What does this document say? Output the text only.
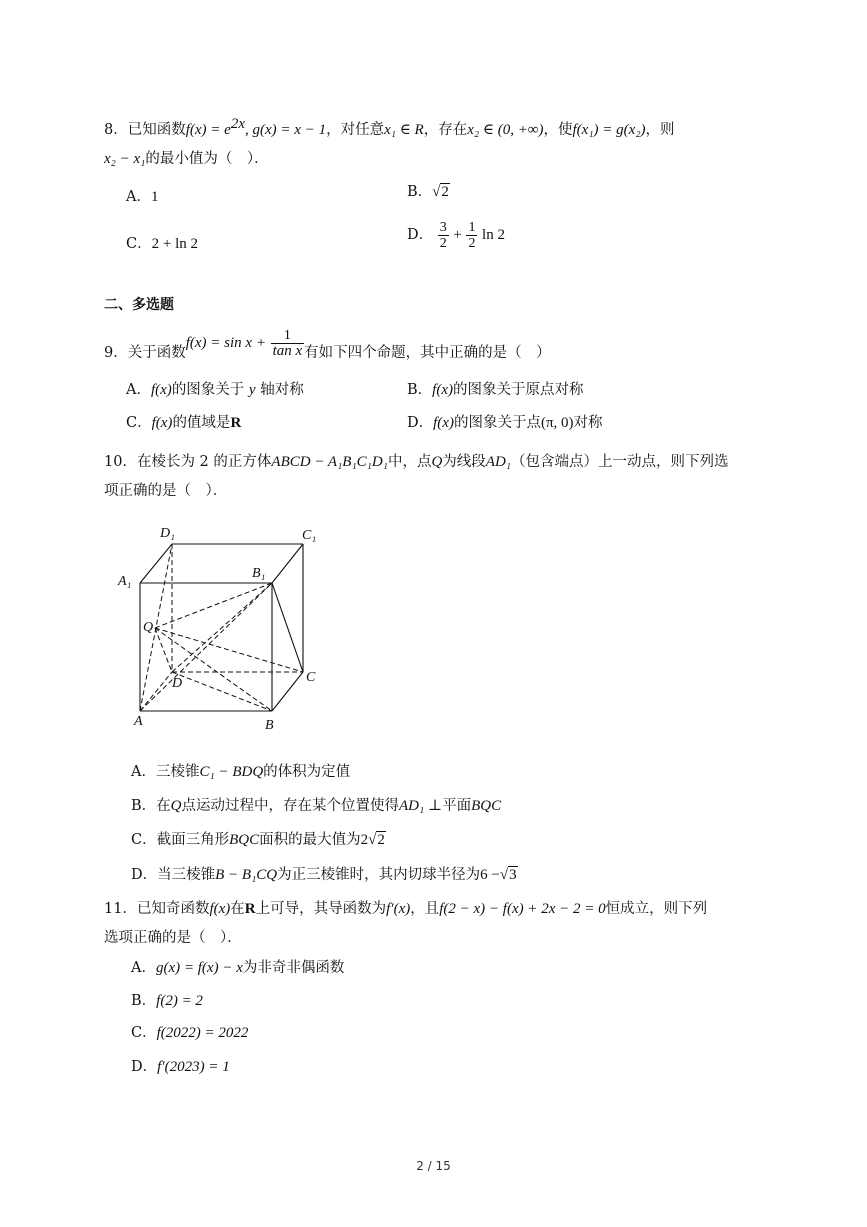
8．已知函数$f(x) = e^{2x}$, g(x) = x − 1，对任意x₁ ∈ R，存在x₂ ∈ (0, +∞)，使f(x₁) = g(x₂)，则
x₂ − x₁的最小值为（　）．
A．1	B．√2
C．2 + ln 2
D． $\frac{3}{2} + \frac{1}{2}$ ln 2
二、多选题
9．关于函数$f(x) = \sin x + \frac{1}{\text{tan x}}$ 有如下四个命题，其中正确的是（　）
A．f(x)的图象关于 y 轴对称	B．f(x)的图象关于原点对称
C．f(x)的值域是R	D．f(x)的图象关于点(π, 0)对称
10．在棱长为 2 的正方体ABCD − A₁B₁C₁D₁中，点Q为线段AD₁（包含端点）上一动点，则下列选
项正确的是（　）．
D₁	C₁
A₁
B₁
Q
D	C
A	B
A．三棱锥C₁ − BDQ的体积为定值
B．在Q点运动过程中，存在某个位置使得AD₁ ⊥平面BQC
C．截面三角形BQC面积的最大值为2√2
D．当三棱锥B − B₁CQ为正三棱锥时，其内切球半径为6 −√3
11．已知奇函数f(x)在R上可导，其导函数为f′(x)，且f(2 − x) − f(x) + 2x − 2 = 0恒成立，则下列
选项正确的是（　）．
A．g(x) = f(x) − x为非奇非偶函数
B．f(2) = 2
C．f(2022) = 2022
D．f′(2023) = 1
2 / 15
